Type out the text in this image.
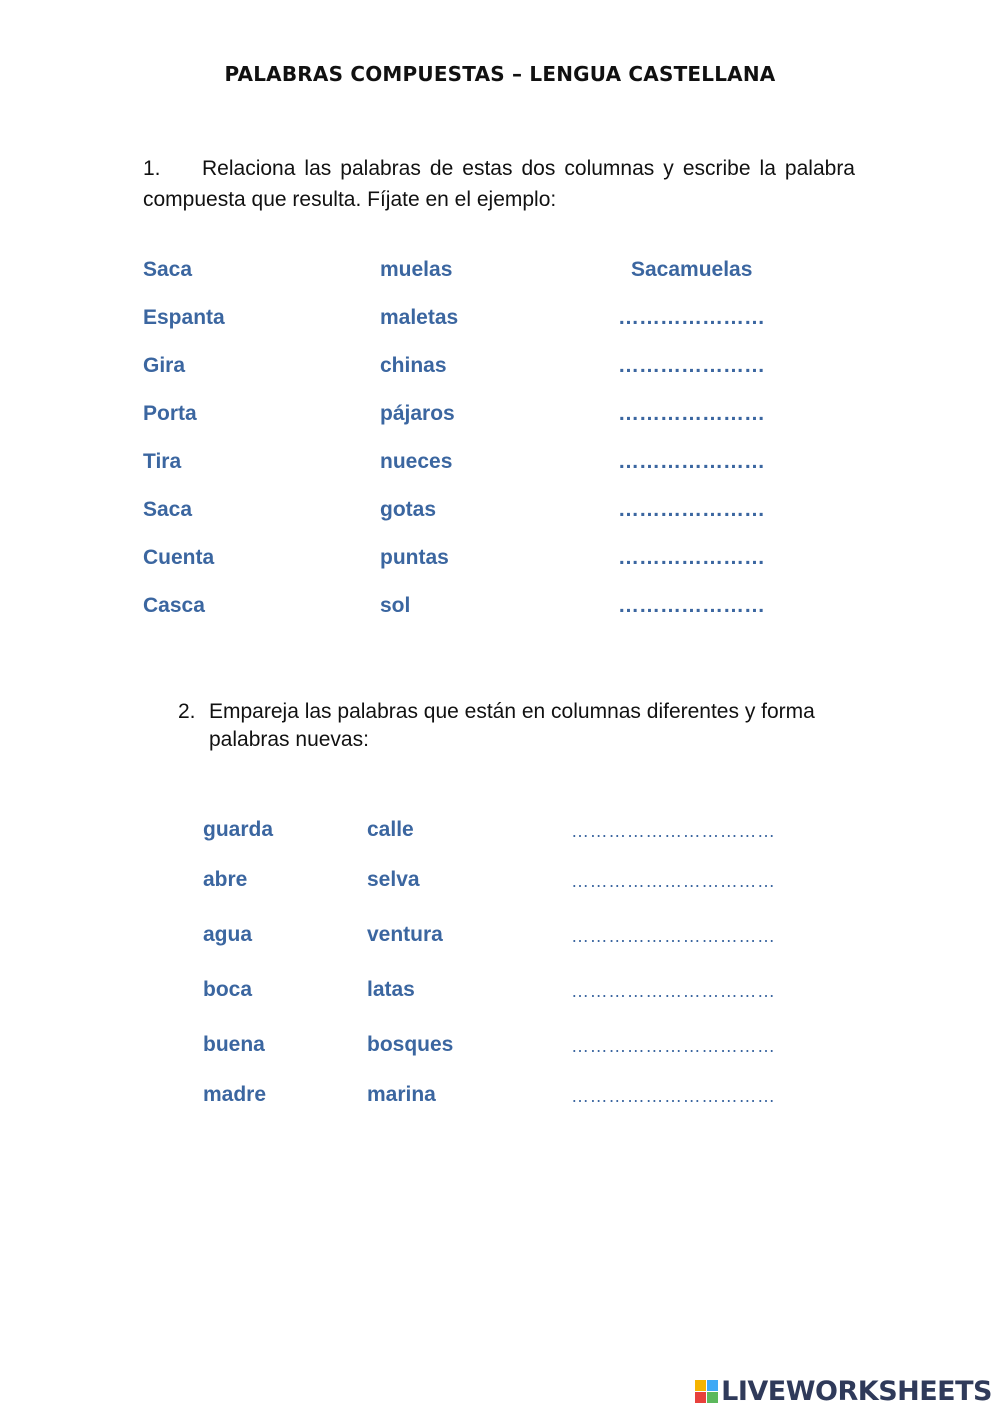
PALABRAS COMPUESTAS – LENGUA CASTELLANA
1. Relaciona las palabras de estas dos columnas y escribe la palabra compuesta que resulta. Fíjate en el ejemplo:
Saca	muelas	Sacamuelas
Espanta	maletas	…………………
Gira	chinas	…………………
Porta	pájaros	…………………
Tira	nueces	…………………
Saca	gotas	…………………
Cuenta	puntas	…………………
Casca	sol	…………………
2. Empareja las palabras que están en columnas diferentes y forma palabras nuevas:
guarda	calle	……………………………
abre	selva	……………………………
agua	ventura	……………………………
boca	latas	……………………………
buena	bosques	……………………………
madre	marina	……………………………
LIVEWORKSHEETS
